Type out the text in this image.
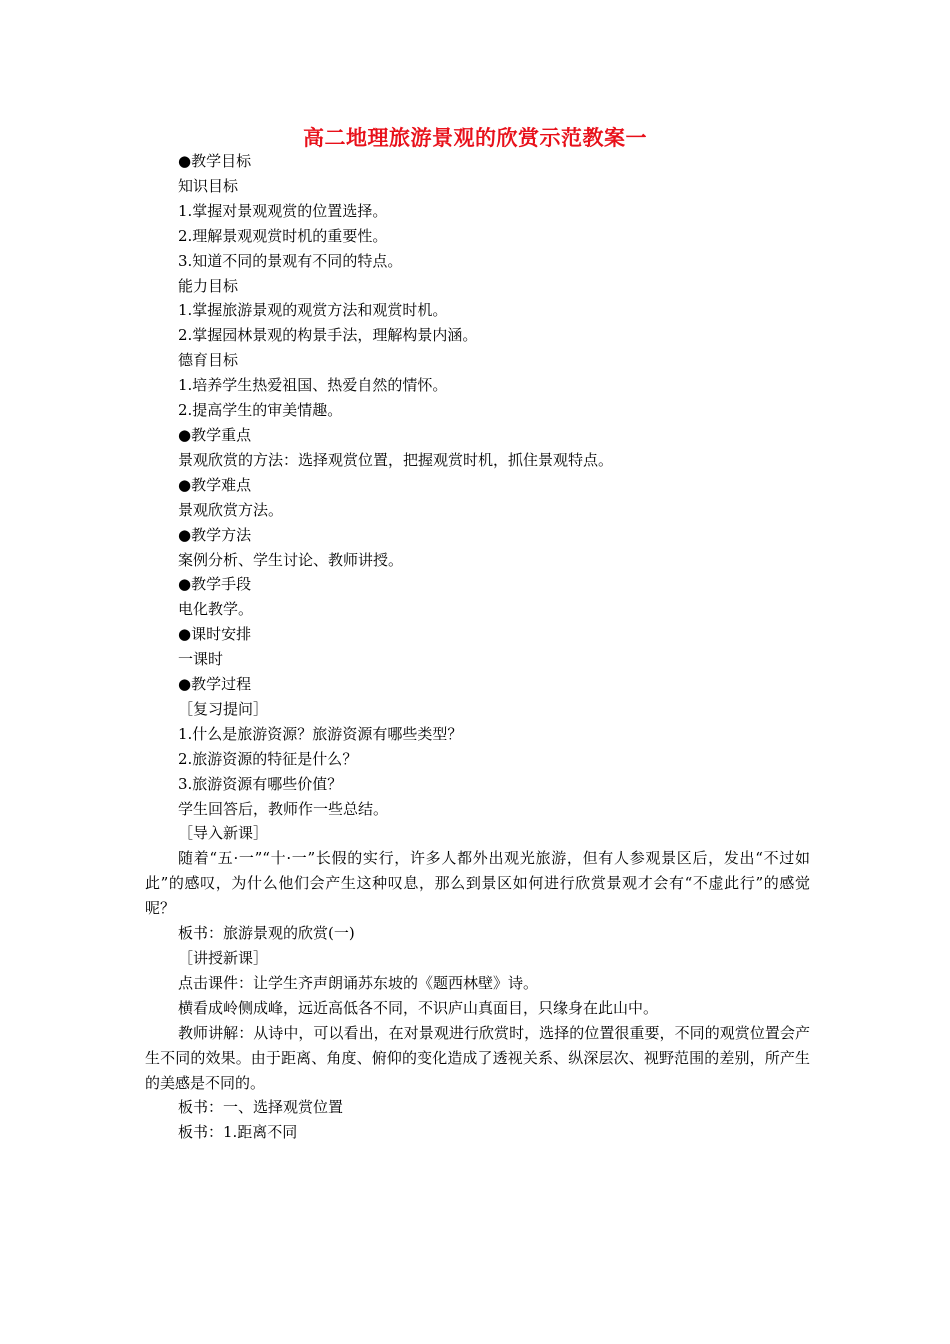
高二地理旅游景观的欣赏示范教案一

●教学目标

知识目标

1.掌握对景观观赏的位置选择。

2.理解景观观赏时机的重要性。

3.知道不同的景观有不同的特点。

能力目标

1.掌握旅游景观的观赏方法和观赏时机。

2.掌握园林景观的构景手法，理解构景内涵。

德育目标

1.培养学生热爱祖国、热爱自然的情怀。

2.提高学生的审美情趣。

●教学重点

景观欣赏的方法：选择观赏位置，把握观赏时机，抓住景观特点。

●教学难点

景观欣赏方法。

●教学方法

案例分析、学生讨论、教师讲授。

●教学手段

电化教学。

●课时安排

一课时

●教学过程

［复习提问］

1.什么是旅游资源？旅游资源有哪些类型？

2.旅游资源的特征是什么？

3.旅游资源有哪些价值？

学生回答后，教师作一些总结。

［导入新课］

随着“五·一”“十·一”长假的实行，许多人都外出观光旅游，但有人参观景区后，发出“不过如此”的感叹，为什么他们会产生这种叹息，那么到景区如何进行欣赏景观才会有“不虚此行”的感觉呢？

板书：旅游景观的欣赏(一)

［讲授新课］

点击课件：让学生齐声朗诵苏东坡的《题西林壁》诗。

横看成岭侧成峰，远近高低各不同，不识庐山真面目，只缘身在此山中。

教师讲解：从诗中，可以看出，在对景观进行欣赏时，选择的位置很重要，不同的观赏位置会产生不同的效果。由于距离、角度、俯仰的变化造成了透视关系、纵深层次、视野范围的差别，所产生的美感是不同的。

板书：一、选择观赏位置

板书：1.距离不同
